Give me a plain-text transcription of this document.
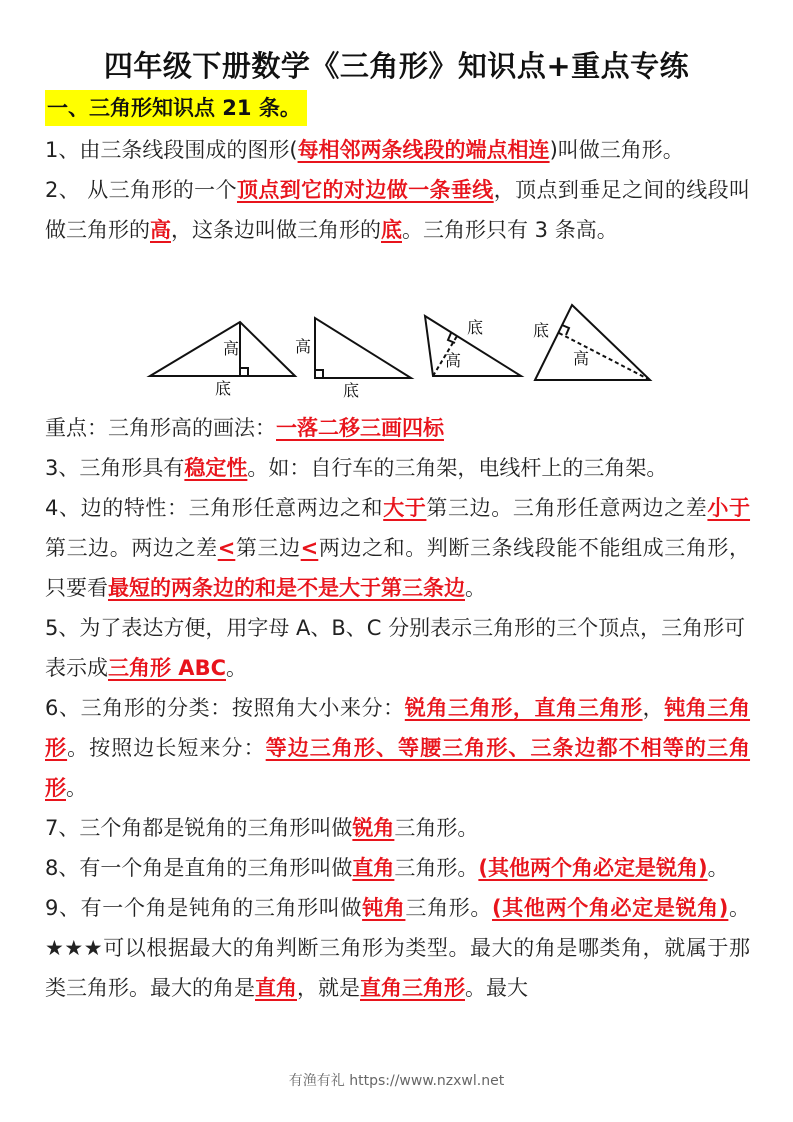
四年级下册数学《三角形》知识点+重点专练
一、三角形知识点 21 条。

1、由三条线段围成的图形(每相邻两条线段的端点相连)叫做三角形。

2、 从三角形的一个顶点到它的对边做一条垂线，顶点到垂足之间的线段叫做三角形的高，这条边叫做三角形的底。三角形只有 3 条高。

高
底
高
底
底
高
底
高

重点：三角形高的画法：一落二移三画四标

3、三角形具有稳定性。如：自行车的三角架，电线杆上的三角架。

4、边的特性：三角形任意两边之和大于第三边。三角形任意两边之差小于第三边。两边之差<第三边<两边之和。判断三条线段能不能组成三角形，只要看最短的两条边的和是不是大于第三条边。

5、为了表达方便，用字母 A、B、C 分别表示三角形的三个顶点，三角形可表示成三角形 ABC。

6、三角形的分类：按照角大小来分：锐角三角形，直角三角形，钝角三角形。按照边长短来分：等边三角形、等腰三角形、三条边都不相等的三角形。

7、三个角都是锐角的三角形叫做锐角三角形。

8、有一个角是直角的三角形叫做直角三角形。(其他两个角必定是锐角)。

9、有一个角是钝角的三角形叫做钝角三角形。(其他两个角必定是锐角)。★★★可以根据最大的角判断三角形为类型。最大的角是哪类角，就属于那类三角形。最大的角是直角，就是直角三角形。最大

有渔有礼 https://www.nzxwl.net
